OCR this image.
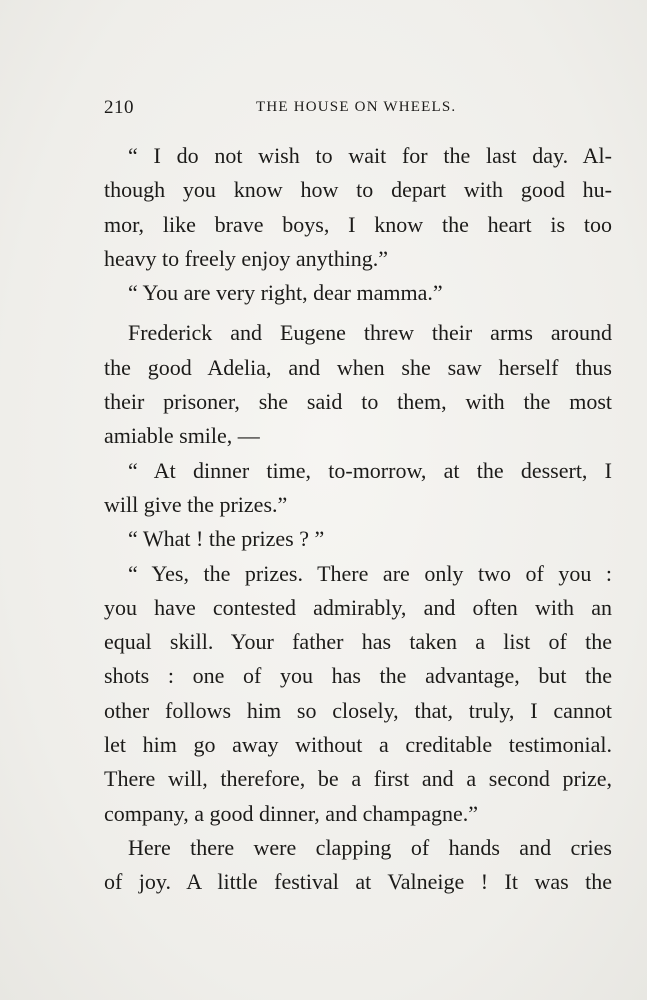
210	THE HOUSE ON WHEELS.
“ I do not wish to wait for the last day. Al-
though you know how to depart with good hu-
mor, like brave boys, I know the heart is too
heavy to freely enjoy anything.”
“ You are very right, dear mamma.”
Frederick and Eugene threw their arms around
the good Adelia, and when she saw herself thus
their prisoner, she said to them, with the most
amiable smile, —
“ At dinner time, to-morrow, at the dessert, I
will give the prizes.”
“ What ! the prizes ? ”
“ Yes, the prizes. There are only two of you :
you have contested admirably, and often with an
equal skill. Your father has taken a list of the
shots : one of you has the advantage, but the
other follows him so closely, that, truly, I cannot
let him go away without a creditable testimonial.
There will, therefore, be a first and a second prize,
company, a good dinner, and champagne.”
Here there were clapping of hands and cries
of joy. A little festival at Valneige ! It was the
